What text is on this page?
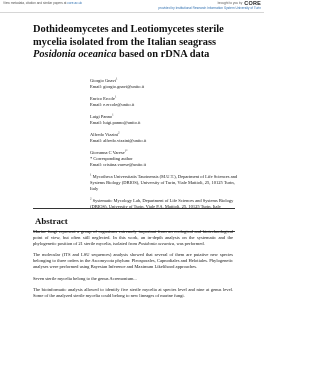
View metadata, citation and similar papers at core.ac.uk	brought to you by CORE
provided by Institutional Research Information System University of Turin
Dothideomycetes and Leotiomycetes sterile mycelia isolated from the Italian seagrass Posidonia oceanica based on rDNA data
Giorgio Gnavi$^1$
Email: giorgio.gnavi@unito.it
Enrico Ercole$^1$
Email: e.ercole@unito.it
Luigi Panno$^1$
Email: luigi.panno@unito.it
Alfredo Vizzini$^2$
Email: alfredo.vizzini@unito.it
Giovanna C Varese$^{1*}$
* Corresponding author
Email: cristina.varese@unito.it
$^1$ Mycotheca Universitatis Taurinensis (M.U.T.), Department of Life Sciences and Systems Biology (DBIOS), University of Turin, Viale Mattioli, 25, 10125 Turin, Italy
$^2$ Systematic Mycology Lab, Department of Life Sciences and Systems Biology (DBIOS), University of Turin, Viale P.A. Mattioli, 25, 10125 Turin, Italy
Abstract

Marine fungi represent a group of organisms extremely important from an ecological and biotechnological point of view, but often still neglected. In this work, an in-depth analysis on the systematic and the phylogenetic position of 21 sterile mycelia, isolated from Posidonia oceanica, was performed.

The molecular (ITS and LSU sequences) analysis showed that several of them are putative new species belonging to three orders in the Ascomycota phylum: Pleosporales, Capnodiales and Helotiales. Phylogenetic analyses were performed using Bayesian Inference and Maximum Likelihood approaches.

Seven sterile mycelia belong to the genus Acremonium...

The bioinformatic analysis allowed to identify five sterile mycelia at species level and nine at genus level. Some of the analyzed sterile mycelia could belong to new lineages of marine fungi.
